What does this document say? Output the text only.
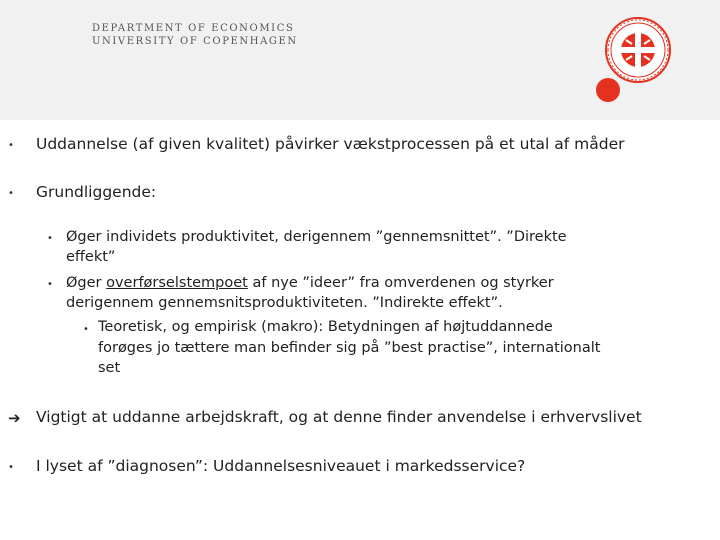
DEPARTMENT OF ECONOMICS
UNIVERSITY OF COPENHAGEN
• Uddannelse (af given kvalitet) påvirker vækstprocessen på et utal af måder
• Grundliggende:
• Øger individets produktivitet, derigennem ”gennemsnittet”. ”Direkte
effekt”
• Øger overførselstempoet af nye ”ideer” fra omverdenen og styrker
derigennem gennemsnitsproduktiviteten. ”Indirekte effekt”.
• Teoretisk, og empirisk (makro): Betydningen af højtuddannede
forøges jo tættere man befinder sig på ”best practise”, internationalt
set
➔ Vigtigt at uddanne arbejdskraft, og at denne finder anvendelse i erhvervslivet
• I lyset af ”diagnosen”: Uddannelsesniveauet i markedsservice?
